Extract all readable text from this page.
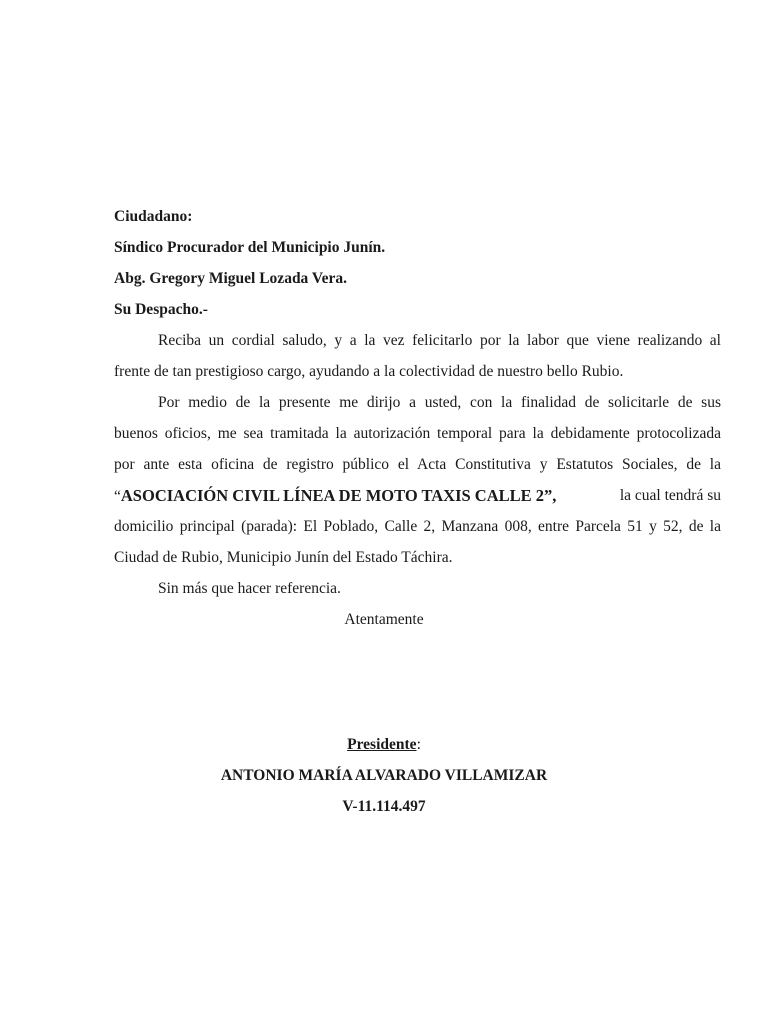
Ciudadano:
Síndico Procurador del Municipio Junín.
Abg. Gregory Miguel Lozada Vera.
Su Despacho.-
Reciba un cordial saludo, y a la vez felicitarlo por la labor que viene realizando al
frente de tan prestigioso cargo, ayudando a la colectividad de nuestro bello Rubio.
Por medio de la presente me dirijo a usted, con la finalidad de solicitarle de sus
buenos oficios, me sea tramitada la autorización temporal para la debidamente protocolizada
por ante esta oficina de registro público el Acta Constitutiva y Estatutos Sociales, de la
“ASOCIACIÓN CIVIL LÍNEA DE MOTO TAXIS CALLE 2”,	la cual tendrá su
domicilio principal (parada): El Poblado, Calle 2, Manzana 008, entre Parcela 51 y 52, de la
Ciudad de Rubio, Municipio Junín del Estado Táchira.
Sin más que hacer referencia.
Atentamente
Presidente:
ANTONIO MARÍA ALVARADO VILLAMIZAR
V-11.114.497
